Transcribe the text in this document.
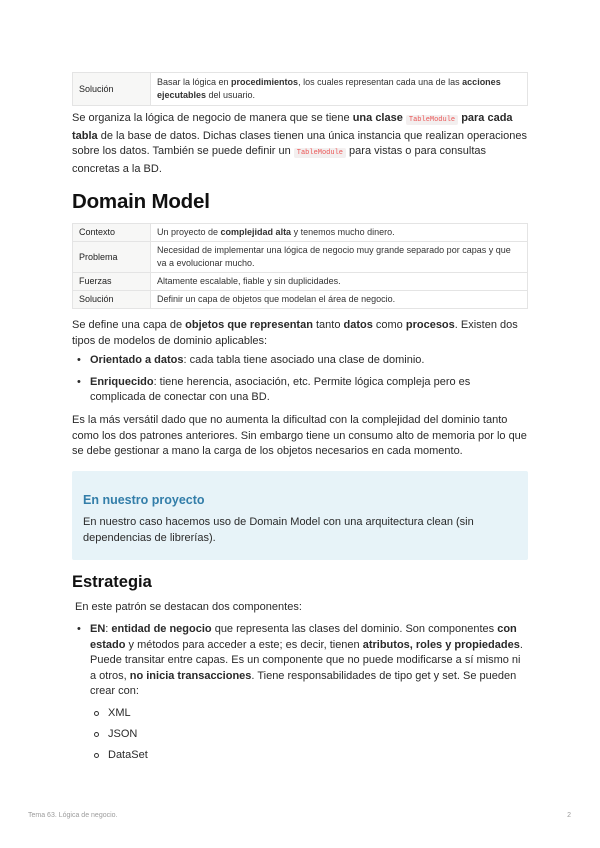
Solución	Basar la lógica en procedimientos, los cuales representan cada una de las acciones ejecutables del usuario.
Se organiza la lógica de negocio de manera que se tiene una clase TableModule para cada tabla de la base de datos. Dichas clases tienen una única instancia que realizan operaciones sobre los datos. También se puede definir un TableModule para vistas o para consultas concretas a la BD.
Domain Model
Contexto	Un proyecto de complejidad alta y tenemos mucho dinero.
Problema	Necesidad de implementar una lógica de negocio muy grande separado por capas y que va a evolucionar mucho.
Fuerzas	Altamente escalable, fiable y sin duplicidades.
Solución	Definir un capa de objetos que modelan el área de negocio.
Se define una capa de objetos que representan tanto datos como procesos. Existen dos tipos de modelos de dominio aplicables:
• Orientado a datos: cada tabla tiene asociado una clase de dominio.
• Enriquecido: tiene herencia, asociación, etc. Permite lógica compleja pero es complicada de conectar con una BD.
Es la más versátil dado que no aumenta la dificultad con la complejidad del dominio tanto como los dos patrones anteriores. Sin embargo tiene un consumo alto de memoria por lo que se debe gestionar a mano la carga de los objetos necesarios en cada momento.
En nuestro proyecto
En nuestro caso hacemos uso de Domain Model con una arquitectura clean (sin dependencias de librerías).
Estrategia
En este patrón se destacan dos componentes:
• EN: entidad de negocio que representa las clases del dominio. Son componentes con estado y métodos para acceder a este; es decir, tienen atributos, roles y propiedades. Puede transitar entre capas. Es un componente que no puede modificarse a sí mismo ni a otros, no inicia transacciones. Tiene responsabilidades de tipo get y set. Se pueden crear con:
XML
JSON
DataSet
Tema 63. Lógica de negocio.	2
